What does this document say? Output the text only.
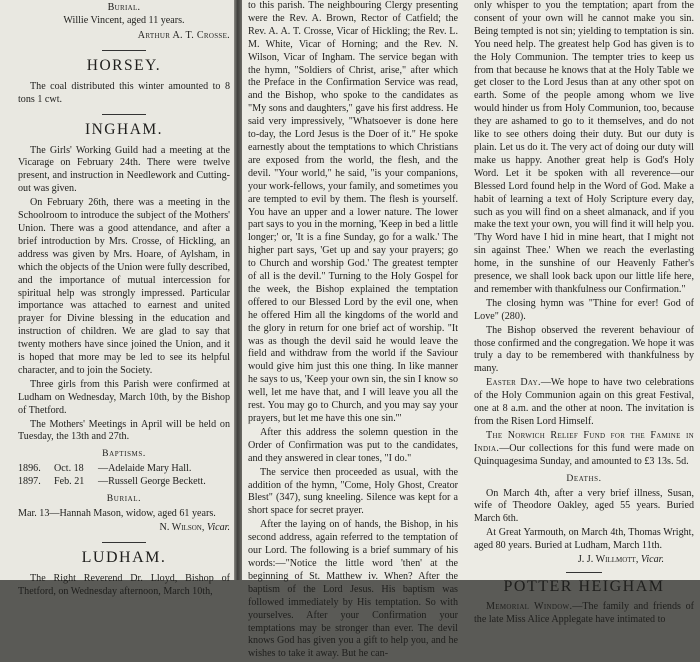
Burial.
Willie Vincent, aged 11 years.
Arthur A. T. Crosse.
HORSEY.

The coal distributed this winter amounted to 8 tons 1 cwt.

INGHAM.

The Girls' Working Guild had a meeting at the Vicarage on February 24th. There were twelve present, and instruction in Needlework and Cutting-out was given.

On February 26th, there was a meeting in the Schoolroom to introduce the subject of the Mothers' Union. There was a good attendance, and after a brief introduction by Mrs. Crosse, of Hickling, an address was given by Mrs. Hoare, of Aylsham, in which the objects of the Union were fully described, and the importance of mutual intercession for spiritual help was strongly impressed. Particular importance was attached to earnest and united prayer for Divine blessing in the education and instruction of children. We are glad to say that twenty mothers have since joined the Union, and it is hoped that more may be led to see its helpful character, and to join the Society.

Three girls from this Parish were confirmed at Ludham on Wednesday, March 10th, by the Bishop of Thetford.

The Mothers' Meetings in April will be held on Tuesday, the 13th and 27th.

Baptisms.
1896.	Oct. 18	—Adelaide Mary Hall.
1897.	Feb. 21	—Russell George Beckett.
Burial.

Mar. 13—Hannah Mason, widow, aged 61 years.

N. Wilson, Vicar.
LUDHAM.

The Right Reverend Dr. Lloyd, Bishop of Thetford, on Wednesday afternoon, March 10th,

to this parish. The neighbouring Clergy presenting were the Rev. A. Brown, Rector of Catfield; the Rev. A. A. T. Crosse, Vicar of Hickling; the Rev. L. M. White, Vicar of Horning; and the Rev. N. Wilson, Vicar of Ingham. The service began with the hymn, "Soldiers of Christ, arise," after which the Preface in the Confirmation Service was read, and the Bishop, who spoke to the candidates as "My sons and daughters," gave his first address. He said very impressively, "Whatsoever is done here to-day, the Lord Jesus is the Doer of it." He spoke earnestly about the temptations to which Christians are exposed from the world, the flesh, and the devil. "Your world," he said, "is your companions, your work-fellows, your family, and sometimes you are tempted to evil by them. The flesh is yourself. You have an upper and a lower nature. The lower part says to you in the morning, 'Keep in bed a little longer;' or, 'It is a fine Sunday, go for a walk.' The higher part says, 'Get up and say your prayers; go to Church and worship God.' The greatest tempter of all is the devil." Turning to the Holy Gospel for the week, the Bishop explained the temptation offered to our Blessed Lord by the evil one, when he offered Him all the kingdoms of the world and the glory in return for one brief act of worship. "It was as though the devil said he would leave the field and withdraw from the world if the Saviour would give him just this one thing. In like manner he says to us, 'Keep your own sin, the sin I know so well, let me have that, and I will leave you all the rest. You may go to Church, and you may say your prayers, but let me have this one sin.'"

After this address the solemn question in the Order of Confirmation was put to the candidates, and they answered in clear tones, "I do."

The service then proceeded as usual, with the addition of the hymn, "Come, Holy Ghost, Creator Blest" (347), sung kneeling. Silence was kept for a short space for secret prayer.

After the laying on of hands, the Bishop, in his second address, again referred to the temptation of our Lord. The following is a brief summary of his words:—"Notice the little word 'then' at the beginning of St. Matthew iv. When? After the baptism of the Lord Jesus. His baptism was followed immediately by His temptation. So with yourselves. After your Confirmation your temptations may be stronger than ever. The devil knows God has given you a gift to help you, and he wishes to take it away. But he can-

only whisper to you the temptation; apart from the consent of your own will he cannot make you sin. Being tempted is not sin; yielding to temptation is sin. You need help. The greatest help God has given is to the Holy Communion. The tempter tries to keep us from that because he knows that at the Holy Table we get closer to the Lord Jesus than at any other spot on earth. Some of the people among whom we live would hinder us from Holy Communion, too, because they are ashamed to go to it themselves, and do not like to see others doing their duty. But our duty is plain. Let us do it. The very act of doing our duty will make us happy. Another great help is God's Holy Word. Let it be spoken with all reverence—our Blessed Lord found help in the Word of God. Make a habit of learning a text of Holy Scripture every day, such as you will find on a sheet almanack, and if you make the text your own, you will find it will help you. 'Thy Word have I hid in mine heart, that I might not sin against Thee.' When we reach the everlasting home, in the sunshine of our Heavenly Father's presence, we shall look back upon our little life here, and remember with thankfulness our Confirmation."

The closing hymn was "Thine for ever! God of Love" (280).

The Bishop observed the reverent behaviour of those confirmed and the congregation. We hope it was truly a day to be remembered with thankfulness by many.

Easter Day.—We hope to have two celebrations of the Holy Communion again on this great Festival, one at 8 a.m. and the other at noon. The invitation is from the Risen Lord Himself.

The Norwich Relief Fund for the Famine in India.—Our collections for this fund were made on Quinquagesima Sunday, and amounted to £3 13s. 5d.

Deaths.

On March 4th, after a very brief illness, Susan, wife of Theodore Oakley, aged 55 years. Buried March 6th.

At Great Yarmouth, on March 4th, Thomas Wright, aged 80 years. Buried at Ludham, March 11th.

J. J. Willmott, Vicar.
POTTER HEIGHAM

Memorial Window.—The family and friends of the late Miss Alice Applegate have intimated to
